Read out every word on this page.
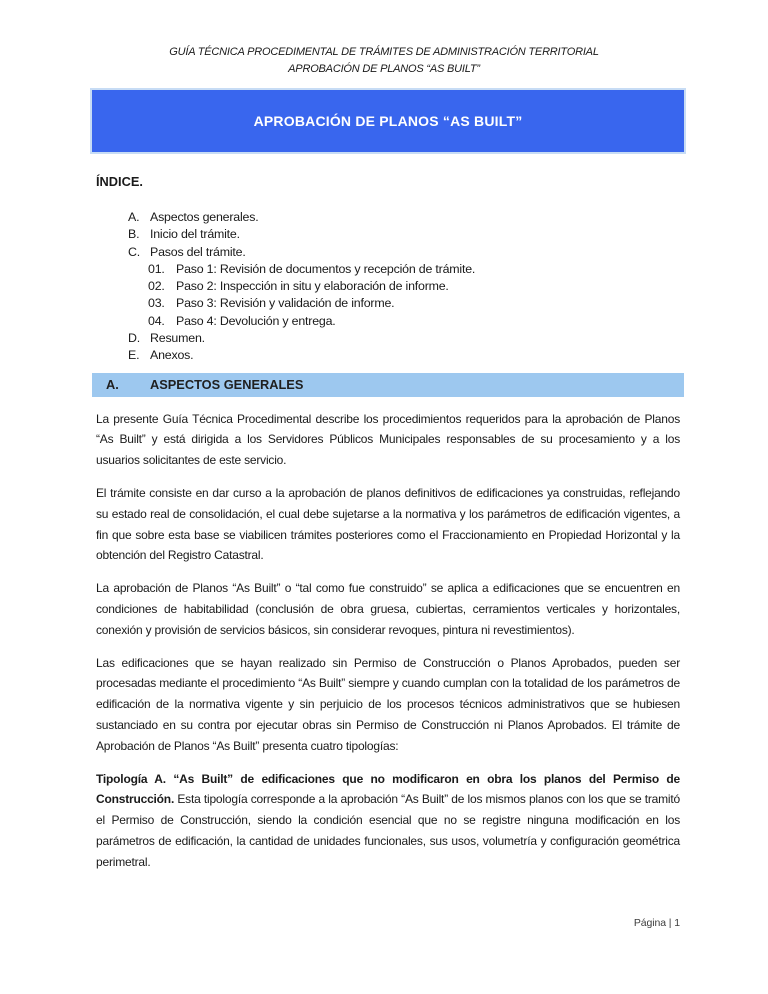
GUÍA TÉCNICA PROCEDIMENTAL DE TRÁMITES DE ADMINISTRACIÓN TERRITORIAL
APROBACIÓN DE PLANOS “AS BUILT”
APROBACIÓN DE PLANOS “AS BUILT”
ÍNDICE.
A. Aspectos generales.
B. Inicio del trámite.
C. Pasos del trámite.
01. Paso 1: Revisión de documentos y recepción de trámite.
02. Paso 2: Inspección in situ y elaboración de informe.
03. Paso 3: Revisión y validación de informe.
04. Paso 4: Devolución y entrega.
D. Resumen.
E. Anexos.
A.	ASPECTOS GENERALES

La presente Guía Técnica Procedimental describe los procedimientos requeridos para la aprobación de Planos “As Built” y está dirigida a los Servidores Públicos Municipales responsables de su procesamiento y a los usuarios solicitantes de este servicio.

El trámite consiste en dar curso a la aprobación de planos definitivos de edificaciones ya construidas, reflejando su estado real de consolidación, el cual debe sujetarse a la normativa y los parámetros de edificación vigentes, a fin que sobre esta base se viabilicen trámites posteriores como el Fraccionamiento en Propiedad Horizontal y la obtención del Registro Catastral.

La aprobación de Planos “As Built” o “tal como fue construido” se aplica a edificaciones que se encuentren en condiciones de habitabilidad (conclusión de obra gruesa, cubiertas, cerramientos verticales y horizontales, conexión y provisión de servicios básicos, sin considerar revoques, pintura ni revestimientos).

Las edificaciones que se hayan realizado sin Permiso de Construcción o Planos Aprobados, pueden ser procesadas mediante el procedimiento “As Built” siempre y cuando cumplan con la totalidad de los parámetros de edificación de la normativa vigente y sin perjuicio de los procesos técnicos administrativos que se hubiesen sustanciado en su contra por ejecutar obras sin Permiso de Construcción ni Planos Aprobados. El trámite de Aprobación de Planos “As Built” presenta cuatro tipologías:

Tipología A. “As Built” de edificaciones que no modificaron en obra los planos del Permiso de Construcción. Esta tipología corresponde a la aprobación “As Built” de los mismos planos con los que se tramitó el Permiso de Construcción, siendo la condición esencial que no se registre ninguna modificación en los parámetros de edificación, la cantidad de unidades funcionales, sus usos, volumetría y configuración geométrica perimetral.

Página | 1
